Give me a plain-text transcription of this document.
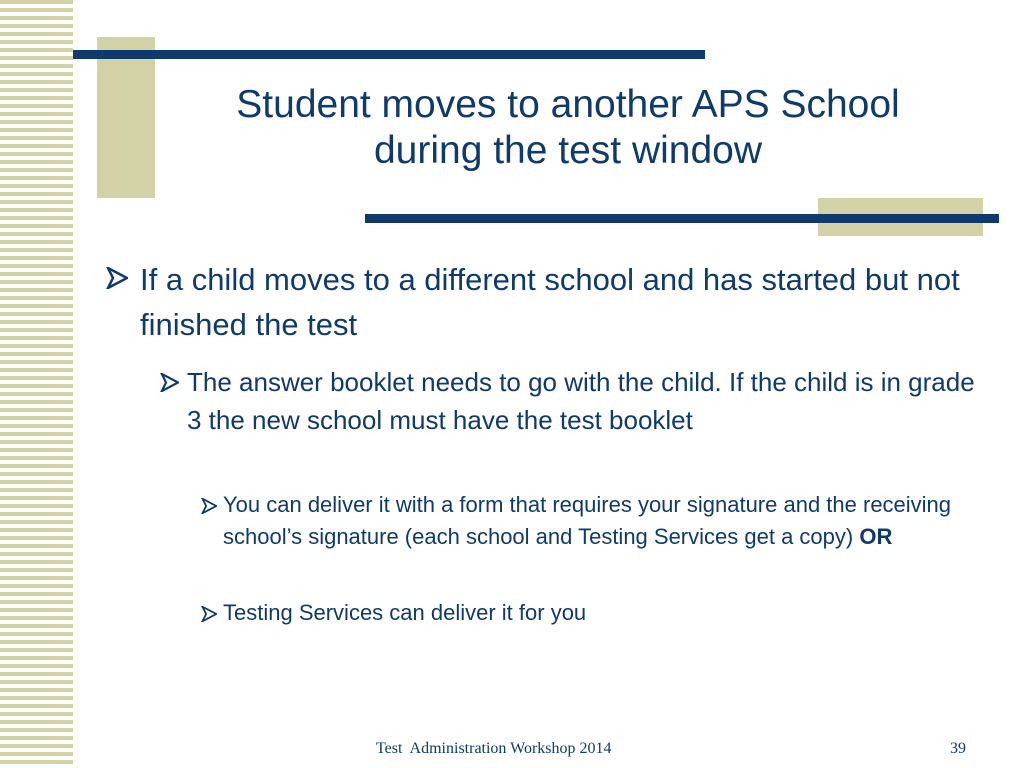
Student moves to another APS School
during the test window
If a child moves to a different school and has started but not finished the test
The answer booklet needs to go with the child. If the child is in grade 3 the new school must have the test booklet
You can deliver it with a form that requires your signature and the receiving school’s signature (each school and Testing Services get a copy) OR
Testing Services can deliver it for you
Test  Administration Workshop 2014	39
